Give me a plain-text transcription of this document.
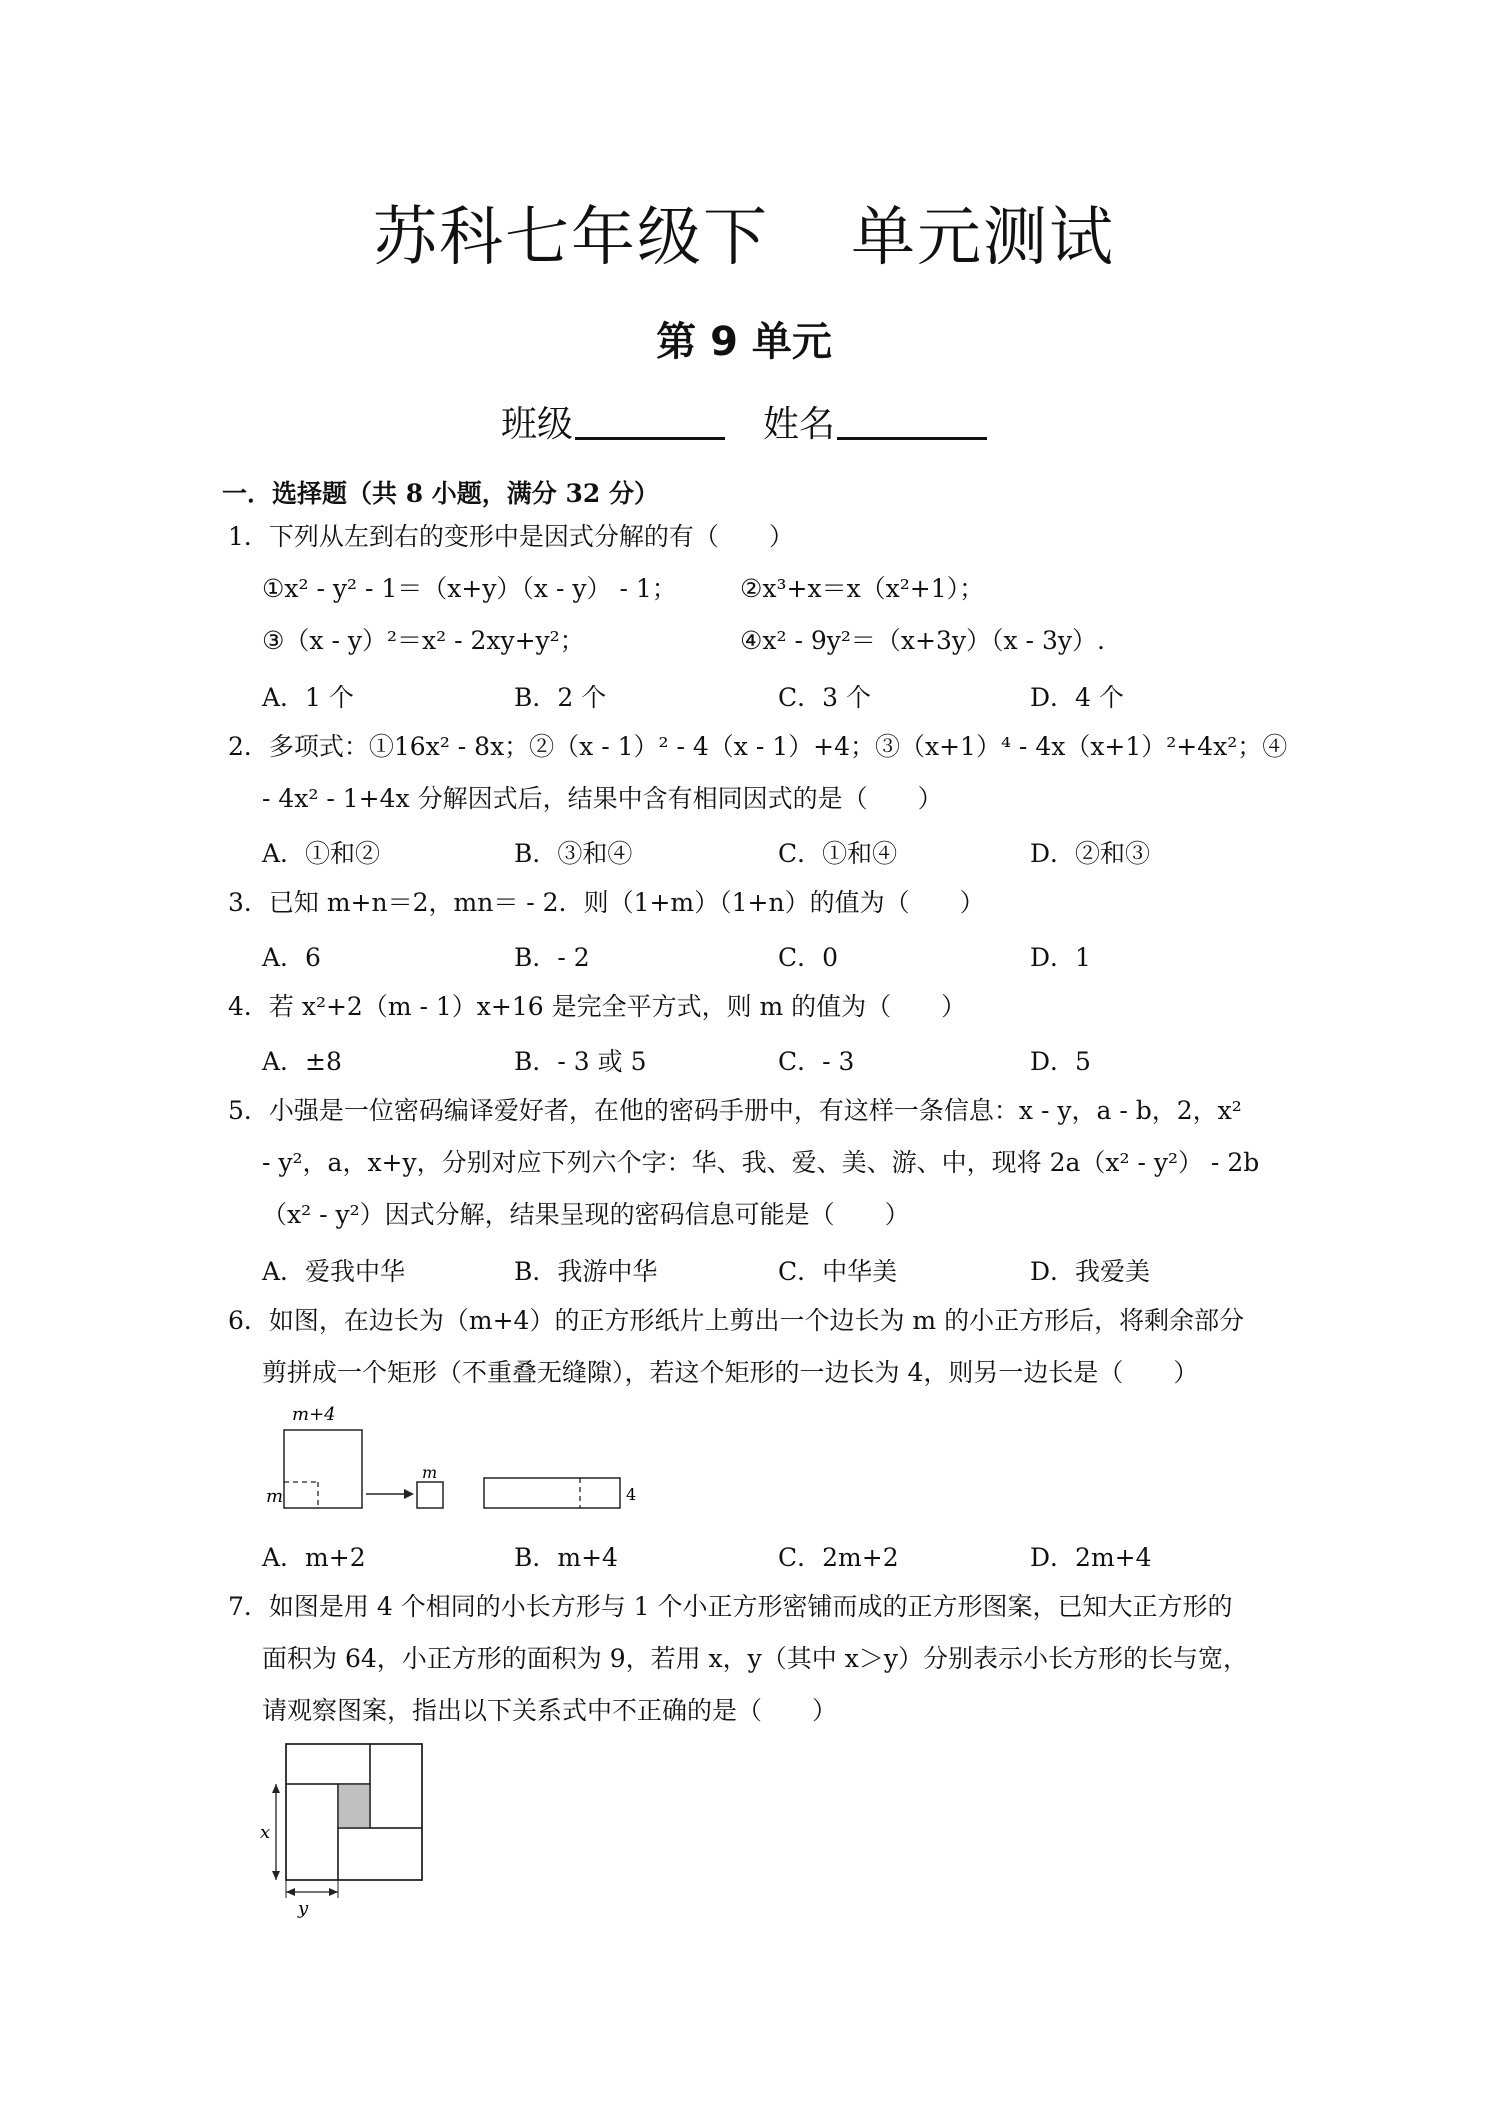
苏科七年级下 单元测试
第 9 单元
班级	姓名
一．选择题（共 8 小题，满分 32 分）
1．下列从左到右的变形中是因式分解的有（　　）
①x² - y² - 1＝（x+y）（x - y） - 1；	②x³+x＝x（x²+1）；
③（x - y）²＝x² - 2xy+y²；	④x² - 9y²＝（x+3y）（x - 3y）.
A．1 个	B．2 个	C．3 个	D．4 个
2．多项式：①16x² - 8x；②（x - 1）² - 4（x - 1）+4；③（x+1）⁴ - 4x（x+1）²+4x²；④
- 4x² - 1+4x 分解因式后，结果中含有相同因式的是（　　）
A．①和②	B．③和④	C．①和④	D．②和③
3．已知 m+n＝2，mn＝ - 2．则（1+m）（1+n）的值为（　　）
A．6	B．- 2	C．0	D．1
4．若 x²+2（m - 1）x+16 是完全平方式，则 m 的值为（　　）
A．±8	B．- 3 或 5	C．- 3	D．5
5．小强是一位密码编译爱好者，在他的密码手册中，有这样一条信息：x - y，a - b，2，x²
- y²，a，x+y，分别对应下列六个字：华、我、爱、美、游、中，现将 2a（x² - y²） - 2b
（x² - y²）因式分解，结果呈现的密码信息可能是（　　）
A．爱我中华	B．我游中华	C．中华美	D．我爱美
6．如图，在边长为（m+4）的正方形纸片上剪出一个边长为 m 的小正方形后，将剩余部分
剪拼成一个矩形（不重叠无缝隙），若这个矩形的一边长为 4，则另一边长是（　　）
m+4
m
m
4
A．m+2	B．m+4	C．2m+2	D．2m+4
7．如图是用 4 个相同的小长方形与 1 个小正方形密铺而成的正方形图案，已知大正方形的
面积为 64，小正方形的面积为 9，若用 x，y（其中 x＞y）分别表示小长方形的长与宽，
请观察图案，指出以下关系式中不正确的是（　　）
x
y
